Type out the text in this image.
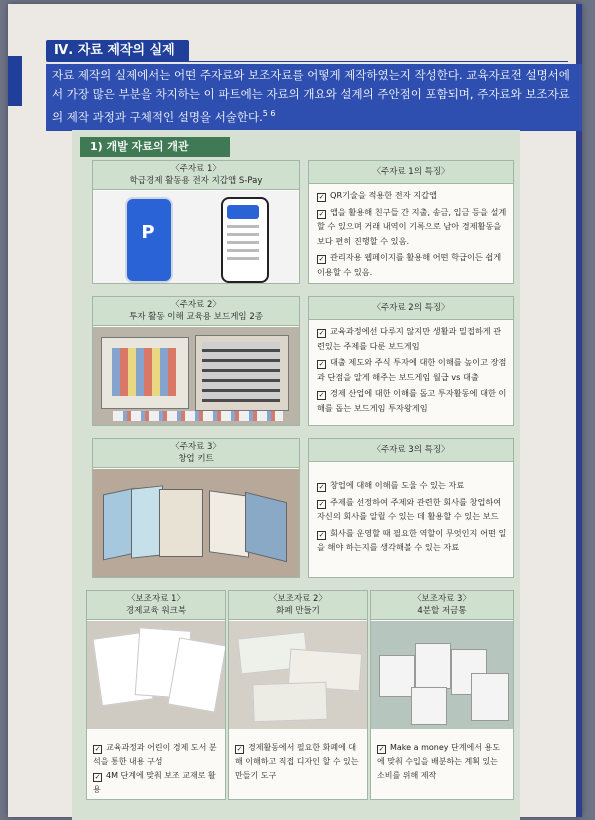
Ⅳ. 자료 제작의 실제
자료 제작의 실제에서는 어떤 주자료와 보조자료를 어떻게 제작하였는지 작성한다. 교육자료전 설명서에서 가장 많은 부분을 차지하는 이 파트에는 자료의 개요와 설계의 주안점이 포함되며, 주자료와 보조자료의 제작 과정과 구체적인 설명을 서술한다.$^{5 6}$
1) 개발 자료의 개관
〈주자료 1〉
학급경제 활동용 전자 지갑앱 S-Pay
P
〈주자료 1의 특징〉

✓ QR기술을 적용한 전자 지갑앱

✓ 앱을 활용해 친구들 간 지출, 송금, 입금 등을 설계할 수 있으며 거래 내역이 기록으로 남아 경제활동을 보다 편히 진행할 수 있음.

✓ 관리자용 웹페이지를 활용해 어떤 학급이든 쉽게 이용할 수 있음.

〈주자료 2〉
투자 활동 이해 교육용 보드게임 2종
〈주자료 2의 특징〉

✓ 교육과정에선 다루지 않지만 생활과 밀접하게 관련있는 주제를 다룬 보드게임

✓ 대출 제도와 주식 투자에 대한 이해를 높이고 장점과 단점을 알게 해주는 보드게임 월급 vs 대출

✓ 경제 산업에 대한 이해를 돕고 투자활동에 대한 이해를 돕는 보드게임 투자왕게임

〈주자료 3〉
창업 키트
〈주자료 3의 특징〉

✓ 창업에 대해 이해를 도울 수 있는 자료

✓ 주제를 선정하여 주제와 관련한 회사를 창업하여 자신의 회사를 알릴 수 있는 데 활용할 수 있는 보드

✓ 회사를 운영할 때 필요한 역할이 무엇인지 어떤 일을 해야 하는지를 생각해볼 수 있는 자료

〈보조자료 1〉
경제교육 워크북
✓ 교육과정과 어린이 경제 도서 분석을 통한 내용 구성
✓ 4M 단계에 맞춰 보조 교재로 활용
〈보조자료 2〉
화폐 만들기
✓ 경제활동에서 필요한 화폐에 대해 이해하고 직접 디자인 할 수 있는 만들기 도구
〈보조자료 3〉
4분할 저금통
✓ Make a money 단계에서 용도에 맞춰 수입을 배분하는 계획 있는 소비를 위해 제작
